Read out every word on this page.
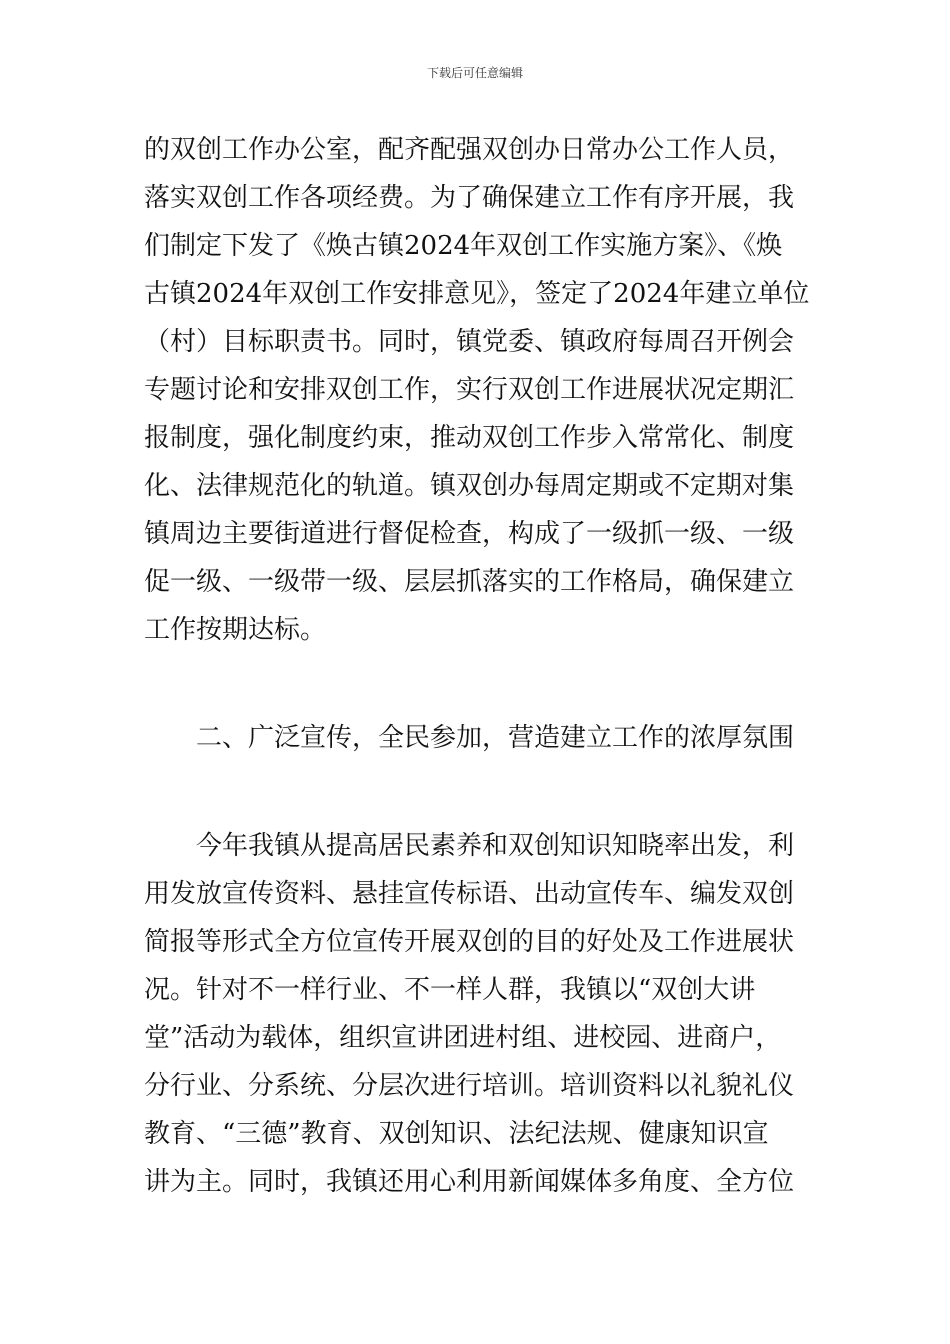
下载后可任意编辑
的双创工作办公室，配齐配强双创办日常办公工作人员，
落实双创工作各项经费。为了确保建立工作有序开展，我
们制定下发了《焕古镇2024年双创工作实施方案》、《焕
古镇2024年双创工作安排意见》，签定了2024年建立单位
（村）目标职责书。同时，镇党委、镇政府每周召开例会
专题讨论和安排双创工作，实行双创工作进展状况定期汇
报制度，强化制度约束，推动双创工作步入常常化、制度
化、法律规范化的轨道。镇双创办每周定期或不定期对集
镇周边主要街道进行督促检查，构成了一级抓一级、一级
促一级、一级带一级、层层抓落实的工作格局，确保建立
工作按期达标。
二、广泛宣传，全民参加，营造建立工作的浓厚氛围
今年我镇从提高居民素养和双创知识知晓率出发，利
用发放宣传资料、悬挂宣传标语、出动宣传车、编发双创
简报等形式全方位宣传开展双创的目的好处及工作进展状
况。针对不一样行业、不一样人群，我镇以“双创大讲
堂”活动为载体，组织宣讲团进村组、进校园、进商户，
分行业、分系统、分层次进行培训。培训资料以礼貌礼仪
教育、“三德”教育、双创知识、法纪法规、健康知识宣
讲为主。同时，我镇还用心利用新闻媒体多角度、全方位
